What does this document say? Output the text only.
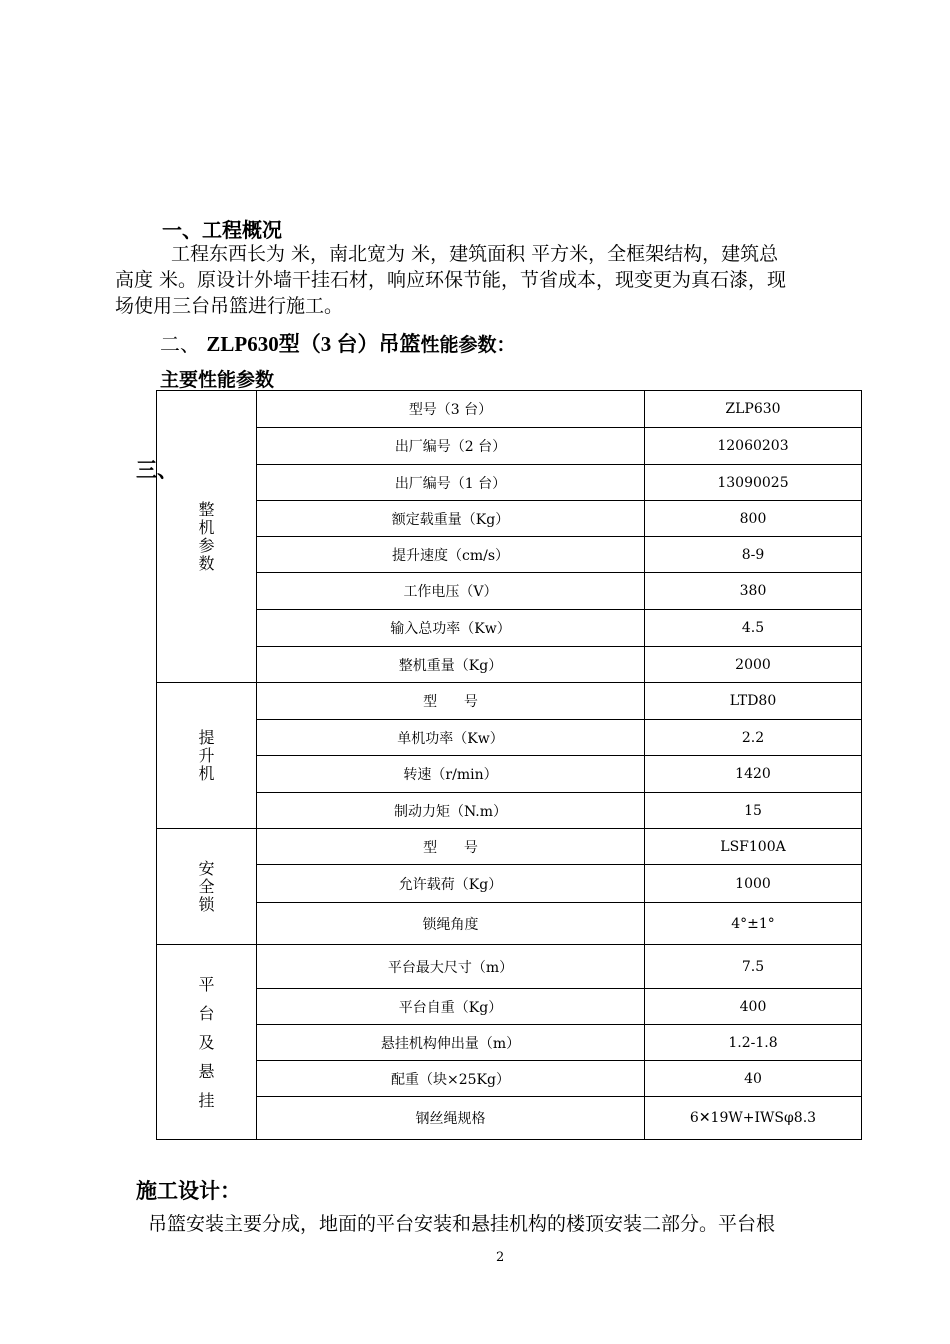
一、工程概况
工程东西长为 米，南北宽为 米，建筑面积 平方米，全框架结构，建筑总
高度 米。原设计外墙干挂石材，响应环保节能，节省成本，现变更为真石漆，现
场使用三台吊篮进行施工。
二、 ZLP630型（3 台）吊篮性能参数：
主要性能参数
整机参数	型号（3 台）	ZLP630
	出厂编号（2 台）	12060203
	出厂编号（1 台）	13090025
	额定载重量（Kg）	800
	提升速度（cm/s）	8-9
	工作电压（V）	380
	输入总功率（Kw）	4.5
	整机重量（Kg）	2000
提升机	型      号	LTD80
	单机功率（Kw）	2.2
	转速（r/min）	1420
	制动力矩（N.m）	15
安全锁	型      号	LSF100A
	允许载荷（Kg）	1000
	锁绳角度	4°±1°
平台及悬挂	平台最大尺寸（m）	7.5
	平台自重（Kg）	400
	悬挂机构伸出量（m）	1.2-1.8
	配重（块×25Kg）	40
	钢丝绳规格	6✕19W+IWSφ8.3
三、
施工设计：
吊篮安装主要分成，地面的平台安装和悬挂机构的楼顶安装二部分。平台根
2
